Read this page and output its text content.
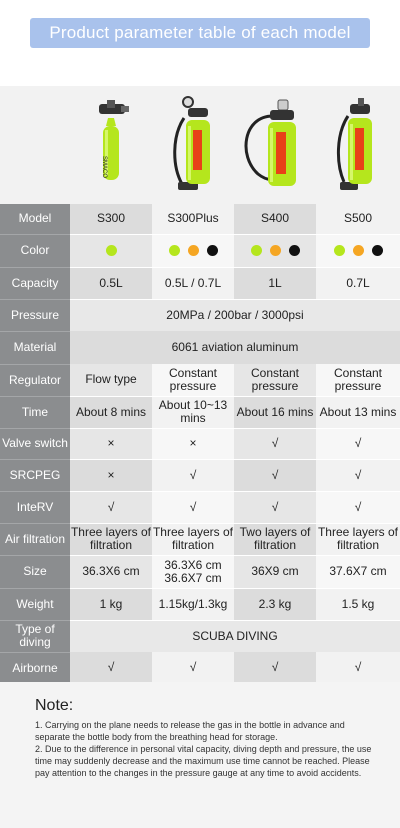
Product parameter table of each model
SMACO
Model	S300	S300Plus	S400	S500
Color	

Capacity	0.5L	0.5L / 0.7L	1L	0.7L
Pressure	20MPa / 200bar / 3000psi			
Material	6061 aviation aluminum			
Regulator	Flow type	Constant pressure	Constant pressure	Constant pressure
Time	About 8 mins	About 10~13 mins	About 16 mins	About 13 mins
Valve switch	×	×	√	√
SRCPEG	×	√	√	√
InteRV	√	√	√	√
Air filtration	Three layers of filtration	Three layers of filtration	Two layers of filtration	Three layers of filtration
Size	36.3X6 cm	36.3X6 cm 36.6X7 cm	36X9 cm	37.6X7 cm
Weight	1 kg	1.15kg/1.3kg	2.3 kg	1.5 kg
Type of diving	SCUBA DIVING			
Airborne	√	√	√	√
Note:

1. Carrying on the plane needs to release the gas in the bottle in advance and separate the bottle body from the breathing head for storage.

2. Due to the difference in personal vital capacity, diving depth and pressure, the use time may suddenly decrease and the maximum use time cannot be reached. Please pay attention to the changes in the pressure gauge at any time to avoid accidents.
